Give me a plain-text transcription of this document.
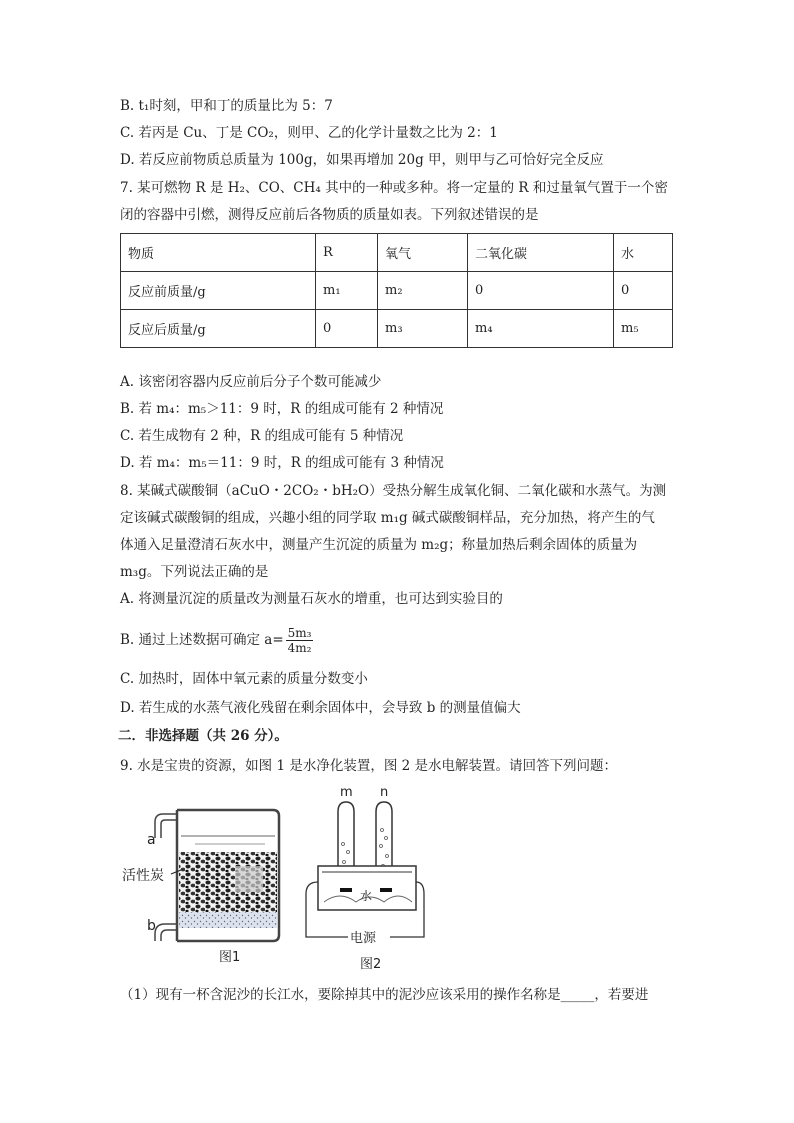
B. t₁时刻，甲和丁的质量比为 5：7
C. 若丙是 Cu、丁是 CO₂，则甲、乙的化学计量数之比为 2：1
D. 若反应前物质总质量为 100g，如果再增加 20g 甲，则甲与乙可恰好完全反应
7. 某可燃物 R 是 H₂、CO、CH₄ 其中的一种或多种。将一定量的 R 和过量氧气置于一个密
闭的容器中引燃，测得反应前后各物质的质量如表。下列叙述错误的是
物质	R	氧气	二氧化碳	水
反应前质量/g	m₁	m₂	0	0
反应后质量/g	0	m₃	m₄	m₅
A. 该密闭容器内反应前后分子个数可能减少
B. 若 m₄：m₅＞11：9 时，R 的组成可能有 2 种情况
C. 若生成物有 2 种，R 的组成可能有 5 种情况
D. 若 m₄：m₅＝11：9 时，R 的组成可能有 3 种情况
8. 某碱式碳酸铜（aCuO・2CO₂・bH₂O）受热分解生成氧化铜、二氧化碳和水蒸气。为测
定该碱式碳酸铜的组成，兴趣小组的同学取 m₁g 碱式碳酸铜样品，充分加热，将产生的气
体通入足量澄清石灰水中，测量产生沉淀的质量为 m₂g；称量加热后剩余固体的质量为
m₃g。下列说法正确的是
A. 将测量沉淀的质量改为测量石灰水的增重，也可达到实验目的
B. 通过上述数据可确定 $a= \frac{\text{5m₃}}{\text{4m₂}}$
C. 加热时，固体中氧元素的质量分数变小
D. 若生成的水蒸气液化残留在剩余固体中，会导致 b 的测量值偏大
二．非选择题（共 26 分）。
9. 水是宝贵的资源，如图 1 是水净化装置，图 2 是水电解装置。请回答下列问题：
a
b
活性炭
图1
m n
水
电源
图2
（1）现有一杯含泥沙的长江水，要除掉其中的泥沙应该采用的操作名称是_____，若要进
